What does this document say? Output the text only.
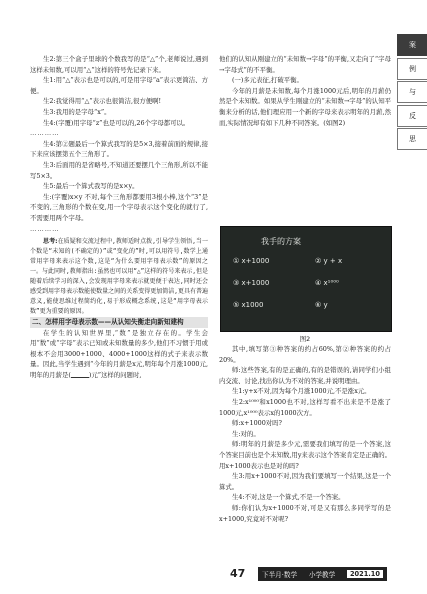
生2:第三个盒子里球的个数我写的是“△”个,老师说过,遇到这样未知数,可以用“△”这样的符号先记录下来。

生1:用“△”表示也是可以的,可是用字母“a”表示更简洁、方便。

生2:我觉得用“△”表示也很简洁,很方便啊!

生3:我用的是字母“x”。

生4:(字覆)用字母“z”也是可以的,26个字母都可以。

…………

生4:第②题最后一个算式我写的是5×3,接着前面的规律,接下来应该摆第五个三角形了。

生3:后面用的是省略号,不知道还要摆几个三角形,所以不能写5×3。

生5:最后一个算式我写的是x×y。

生:(字覆)x×y 不对,每个三角形都要用3根小棒,这个“3”是不变的,三角形的个数在变,用一个字母表示这个变化的就行了,不需要用两个字母。

…………

思考:在质疑和交流过程中,教师适时点拨,引导学生领悟,当一个数是“未知的(不确定的)”或“变化的”时,可以用符号,数学上通常用字母来表示这个数,这是“为什么要用字母表示数”的原因之一。与此同时,教师指出:虽然也可以用“△”这样的符号来表示,但是随着后续学习的深入,会发现用字母来表示就更便于表达,同时还会感受到用字母表示数能使数量之间的关系变得更加简洁,更具有普遍意义,能使思维过程简约化,易于形成概念系统,这是“用字母表示数”更为重要的原因。

二、怎样用字母表示数——从认知失衡走向新知建构

在学生的认知世界里,“数”是独立存在的。学生会用“数”或“字母”表示已知或未知数量的多少,他们不习惯于用或根本不会用3000+1000、4000+1000这样的式子来表示数量。因此,当学生遇到“今年的月薪是x元,明年每个月涨1000元,明年的月薪是(	)元”这样的问题时,

他们的认知从刚建立的“未知数→字母”的平衡,又走向了“字母→字母式”的不平衡。

(一)多元表征,打破平衡。

今年的月薪是未知数,每个月涨1000元后,明年的月薪仍然是个未知数。如果从学生刚建立的“未知数→字母”的认知平衡来分析的话,他们理应用一个新的字母来表示明年的月薪,然而,实际情况却有如下几种不同答案。(如图2)

我手的方案
① x+1000	② y + x
③ x+1000	④ x¹⁰⁰⁰
⑤ x1000	⑥ y
图2

其中,填写第③种答案的约占60%,第②种答案的约占20%。

师:这些答案,有的是正确的,有的是错误的,请同学们小组内交流、讨论,找出你认为不对的答案,并说明理由。

生1:y+x不对,因为每个月涨1000元,不是涨x元。

生2:x¹⁰⁰⁰和x1000也不对,这样写看不出来是不是涨了1000元,x¹⁰⁰⁰表示x的1000次方。

师:x+1000对吗?

生:对的。

师:明年的月薪是多少元,需要我们填写的是一个答案,这个答案目前也是个未知数,用y来表示这个答案肯定是正确的。用x+1000表示也是对的吗?

生3:用x+1000不对,因为我们要填写一个结果,这是一个算式。

生4:不对,这是一个算式,不是一个答案。

师:你们认为x+1000不对,可是又有那么多同学写的是x+1000,究竟对不对呢?

案
例
与
反
思
47	下半月·数学 小学教学	2021.10
